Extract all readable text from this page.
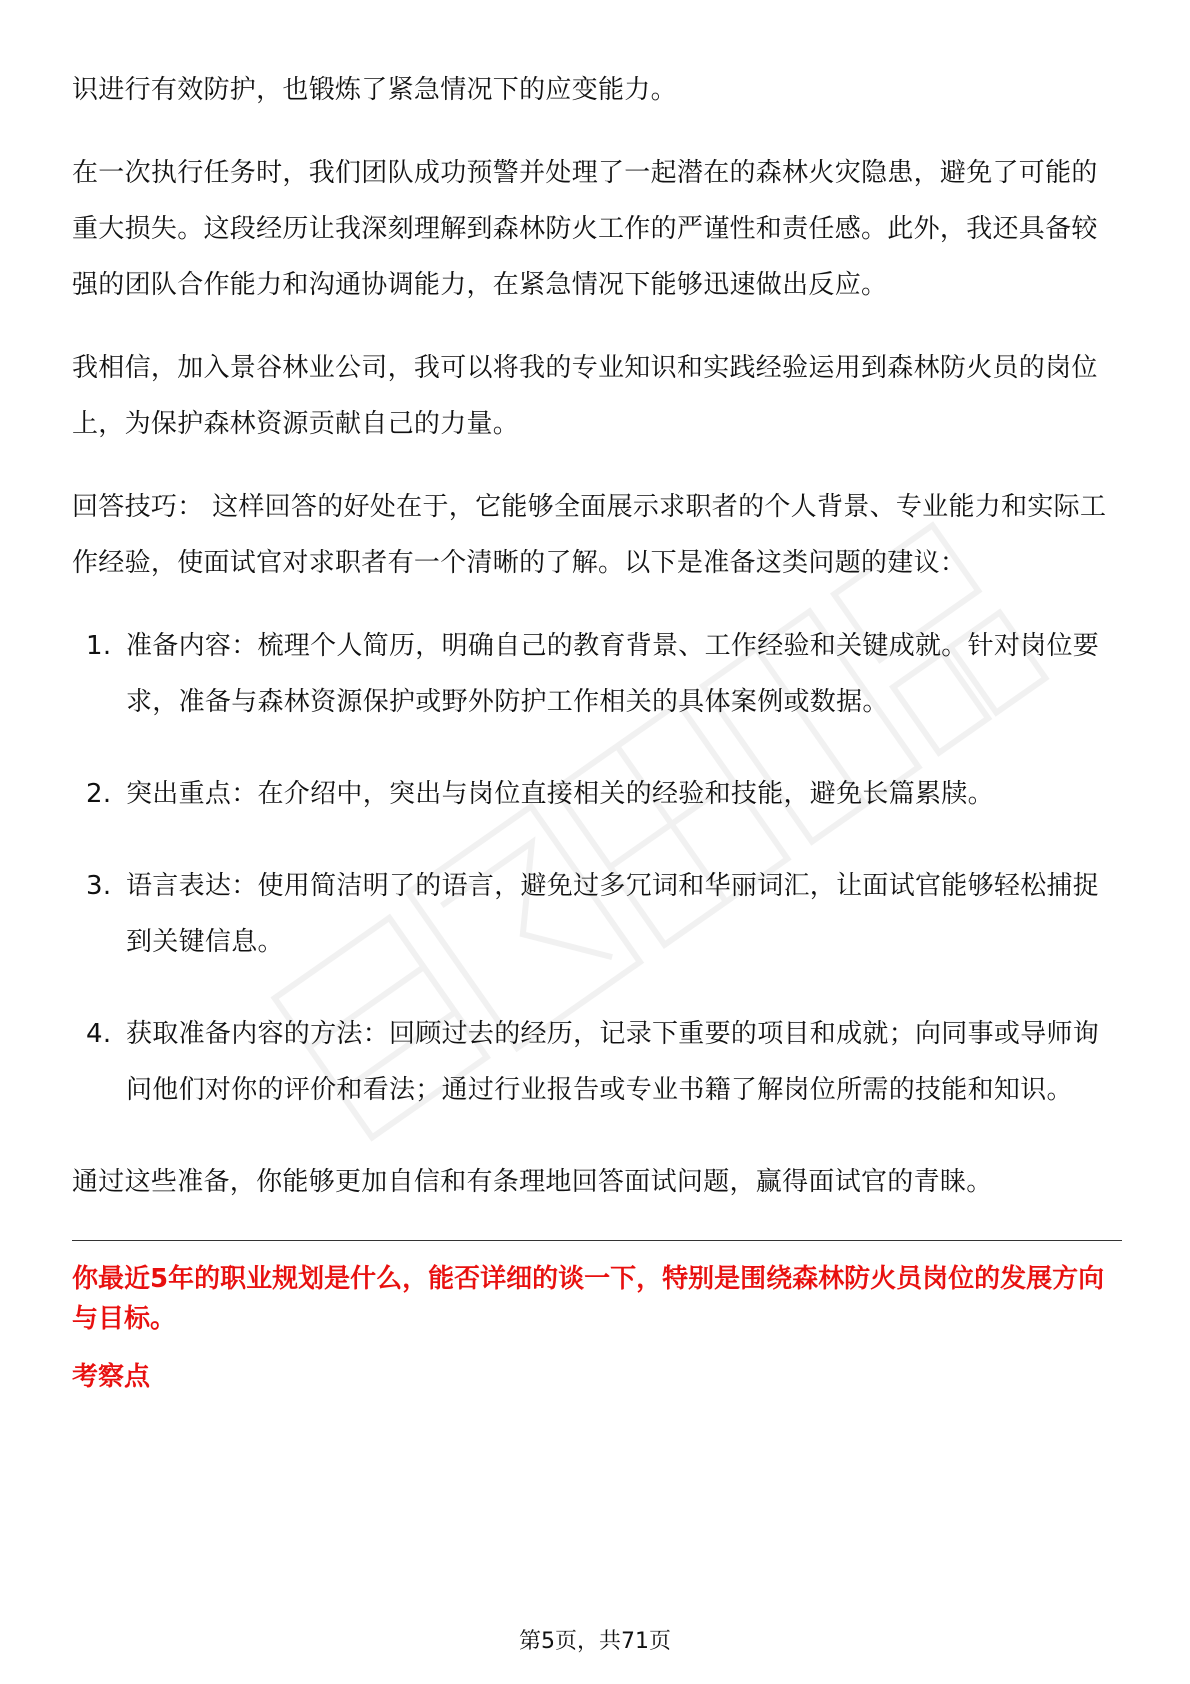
识进行有效防护，也锻炼了紧急情况下的应变能力。

在一次执行任务时，我们团队成功预警并处理了一起潜在的森林火灾隐患，避免了可能的重大损失。这段经历让我深刻理解到森林防火工作的严谨性和责任感。此外，我还具备较强的团队合作能力和沟通协调能力，在紧急情况下能够迅速做出反应。

我相信，加入景谷林业公司，我可以将我的专业知识和实践经验运用到森林防火员的岗位上，为保护森林资源贡献自己的力量。

回答技巧： 这样回答的好处在于，它能够全面展示求职者的个人背景、专业能力和实际工作经验，使面试官对求职者有一个清晰的了解。以下是准备这类问题的建议：

1. 准备内容：梳理个人简历，明确自己的教育背景、工作经验和关键成就。针对岗位要求，准备与森林资源保护或野外防护工作相关的具体案例或数据。
2. 突出重点：在介绍中，突出与岗位直接相关的经验和技能，避免长篇累牍。
3. 语言表达：使用简洁明了的语言，避免过多冗词和华丽词汇，让面试官能够轻松捕捉到关键信息。
4. 获取准备内容的方法：回顾过去的经历，记录下重要的项目和成就；向同事或导师询问他们对你的评价和看法；通过行业报告或专业书籍了解岗位所需的技能和知识。

通过这些准备，你能够更加自信和有条理地回答面试问题，赢得面试官的青睐。

你最近5年的职业规划是什么，能否详细的谈一下，特别是围绕森林防火员岗位的发展方向与目标。

考察点

第5页，共71页
